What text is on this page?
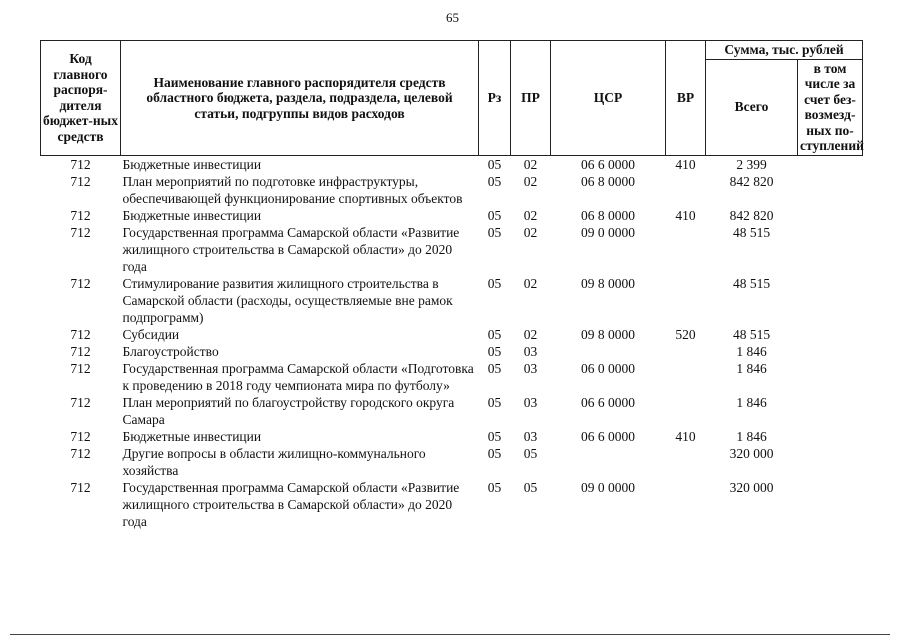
65
Код главного распоря-дителя бюджет-ных средств	Наименование главного распорядителя средств областного бюджета, раздела, подраздела, целевой статьи, подгруппы видов расходов	Рз	ПР	ЦСР	ВР	Сумма, тыс. рублей	
						Всего	в том числе за счет без-возмезд-ных по-ступлений
712	Бюджетные инвестиции	05	02	06 6 0000	410	2 399	
712	План мероприятий по подготовке инфраструктуры, обеспечивающей функционирование спортивных объектов	05	02	06 8 0000		842 820	
712	Бюджетные инвестиции	05	02	06 8 0000	410	842 820	
712	Государственная программа Самарской области «Развитие жилищного строительства в Самарской области» до 2020 года	05	02	09 0 0000		48 515	
712	Стимулирование развития жилищного строительства в Самарской области (расходы, осуществляемые вне рамок подпрограмм)	05	02	09 8 0000		48 515	
712	Субсидии	05	02	09 8 0000	520	48 515	
712	Благоустройство	05	03			1 846	
712	Государственная программа Самарской области «Подготовка к проведению в 2018 году чемпионата мира по футболу»	05	03	06 0 0000		1 846	
712	План мероприятий по благоустройству городского округа Самара	05	03	06 6 0000		1 846	
712	Бюджетные инвестиции	05	03	06 6 0000	410	1 846	
712	Другие вопросы в области жилищно-коммунального хозяйства	05	05			320 000	
712	Государственная программа Самарской области «Развитие жилищного строительства в Самарской области» до 2020 года	05	05	09 0 0000		320 000	
